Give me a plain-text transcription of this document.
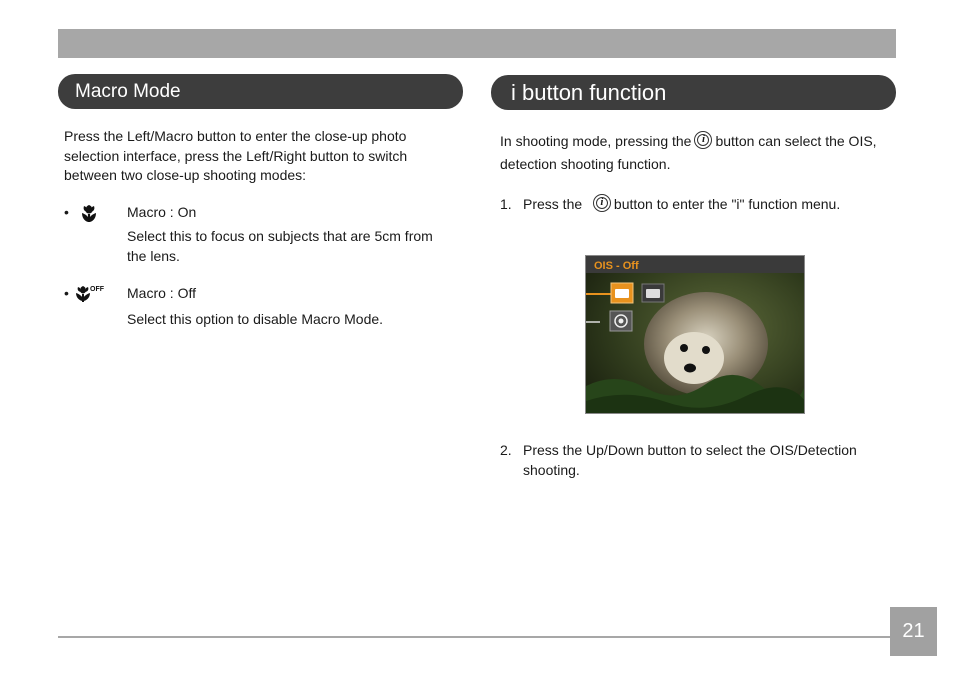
Macro Mode

Press the Left/Macro button to enter the close-up photo

selection interface, press the Left/Right button to switch

between two close-up shooting modes:

•	Macro : On

Select this to focus on subjects that are 5cm from

the lens.

•	OFF Macro : Off

Select this option to disable Macro Mode.

i button function

In shooting mode, pressing the i button can select the OIS,

detection shooting function.

1. Press the	i button to enter the "i" function menu.

OIS - Off

2. Press the Up/Down button to select the OIS/Detection

shooting.

21
